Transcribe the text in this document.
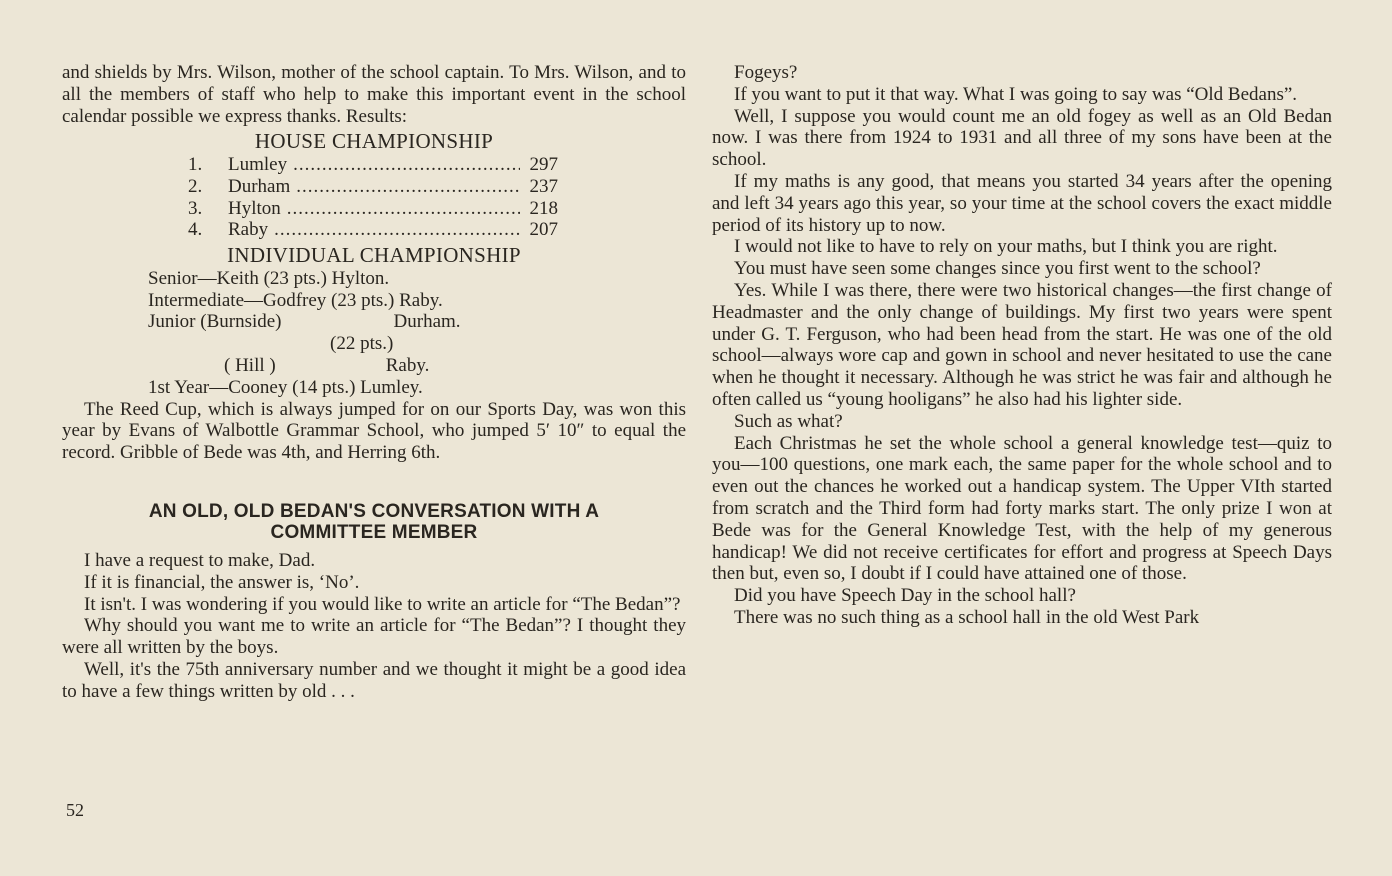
and shields by Mrs. Wilson, mother of the school captain. To Mrs. Wilson, and to all the members of staff who help to make this important event in the school calendar possible we express thanks. Results:

HOUSE CHAMPIONSHIP
1.	Lumley .....	297
2.	Durham .....	237
3.	Hylton .....	218
4.	Raby .....	207
INDIVIDUAL CHAMPIONSHIP
Senior—Keith (23 pts.) Hylton.
Intermediate—Godfrey (23 pts.) Raby.
Junior (Burnside)	Durham.
(22 pts.)
( Hill )	Raby.
1st Year—Cooney (14 pts.) Lumley.

The Reed Cup, which is always jumped for on our Sports Day, was won this year by Evans of Walbottle Grammar School, who jumped 5′ 10″ to equal the record. Gribble of Bede was 4th, and Herring 6th.

AN OLD, OLD BEDAN'S CONVERSATION WITH A
COMMITTEE MEMBER

I have a request to make, Dad.

If it is financial, the answer is, ‘No’.

It isn't. I was wondering if you would like to write an article for “The Bedan”?

Why should you want me to write an article for “The Bedan”? I thought they were all written by the boys.

Well, it's the 75th anniversary number and we thought it might be a good idea to have a few things written by old . . .

Fogeys?

If you want to put it that way. What I was going to say was “Old Bedans”.

Well, I suppose you would count me an old fogey as well as an Old Bedan now. I was there from 1924 to 1931 and all three of my sons have been at the school.

If my maths is any good, that means you started 34 years after the opening and left 34 years ago this year, so your time at the school covers the exact middle period of its history up to now.

I would not like to have to rely on your maths, but I think you are right.

You must have seen some changes since you first went to the school?

Yes. While I was there, there were two historical changes—the first change of Headmaster and the only change of buildings. My first two years were spent under G. T. Ferguson, who had been head from the start. He was one of the old school—always wore cap and gown in school and never hesitated to use the cane when he thought it necessary. Although he was strict he was fair and although he often called us “young hooligans” he also had his lighter side.

Such as what?

Each Christmas he set the whole school a general knowledge test—quiz to you—100 questions, one mark each, the same paper for the whole school and to even out the chances he worked out a handicap system. The Upper VIth started from scratch and the Third form had forty marks start. The only prize I won at Bede was for the General Knowledge Test, with the help of my generous handicap! We did not receive certificates for effort and progress at Speech Days then but, even so, I doubt if I could have attained one of those.

Did you have Speech Day in the school hall?

There was no such thing as a school hall in the old West Park

52
